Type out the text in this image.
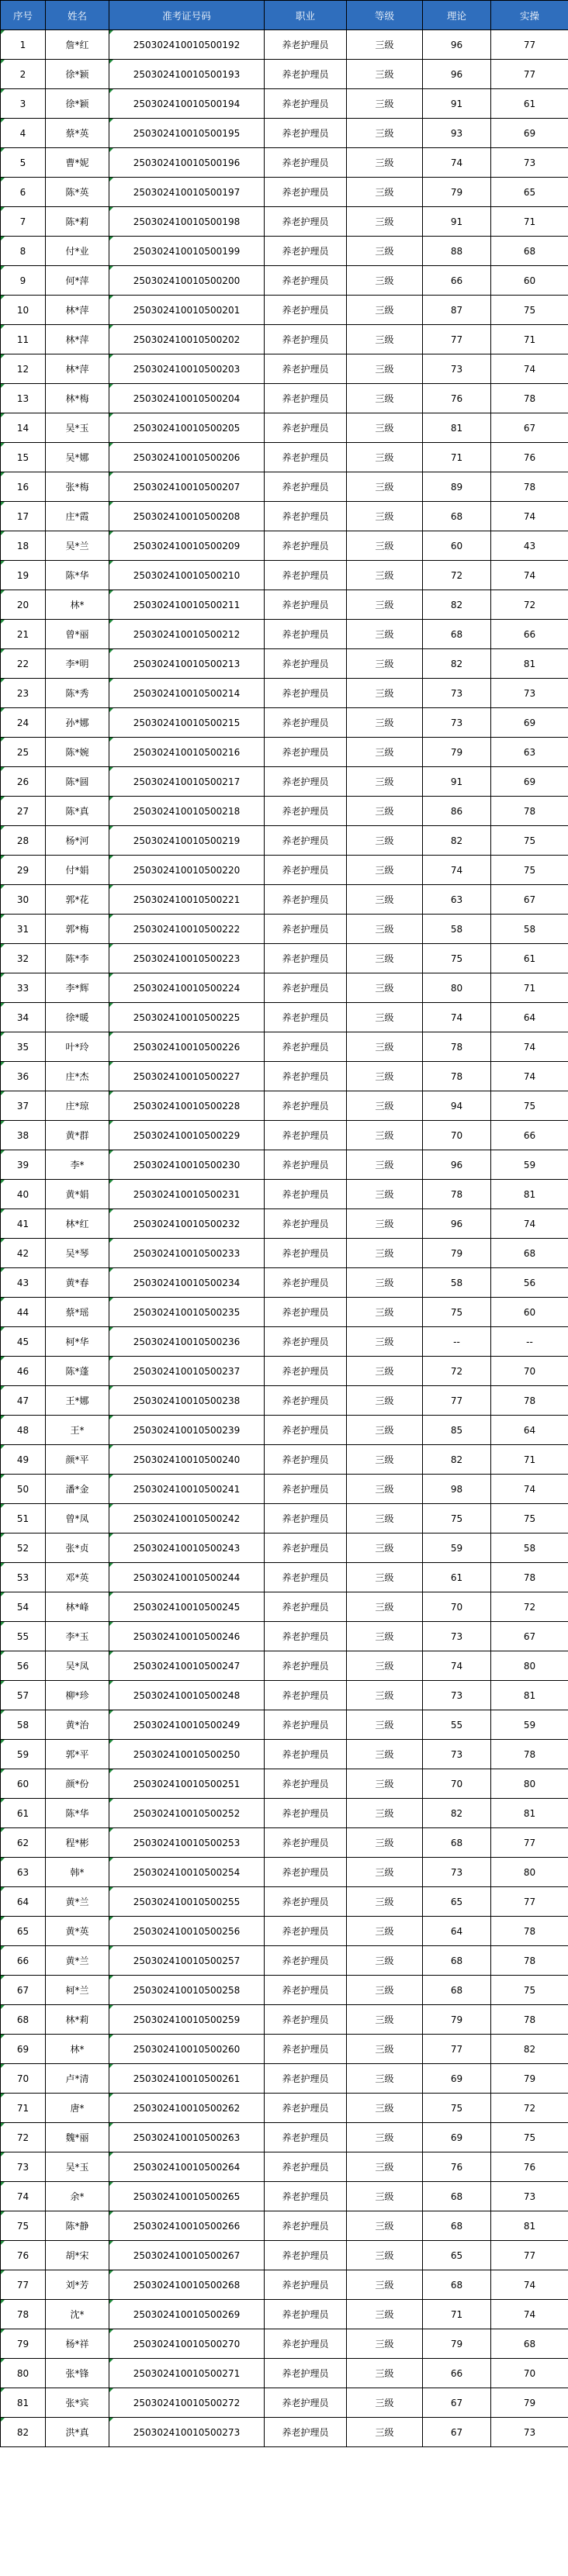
序号	姓名	准考证号码	职业	等级	理论	实操
1	詹*红	250302410010500192	养老护理员	三级	96	77
2	徐*颖	250302410010500193	养老护理员	三级	96	77
3	徐*颖	250302410010500194	养老护理员	三级	91	61
4	蔡*英	250302410010500195	养老护理员	三级	93	69
5	曹*妮	250302410010500196	养老护理员	三级	74	73
6	陈*英	250302410010500197	养老护理员	三级	79	65
7	陈*莉	250302410010500198	养老护理员	三级	91	71
8	付*业	250302410010500199	养老护理员	三级	88	68
9	何*萍	250302410010500200	养老护理员	三级	66	60
10	林*萍	250302410010500201	养老护理员	三级	87	75
11	林*萍	250302410010500202	养老护理员	三级	77	71
12	林*萍	250302410010500203	养老护理员	三级	73	74
13	林*梅	250302410010500204	养老护理员	三级	76	78
14	吴*玉	250302410010500205	养老护理员	三级	81	67
15	吴*娜	250302410010500206	养老护理员	三级	71	76
16	张*梅	250302410010500207	养老护理员	三级	89	78
17	庄*霞	250302410010500208	养老护理员	三级	68	74
18	吴*兰	250302410010500209	养老护理员	三级	60	43
19	陈*华	250302410010500210	养老护理员	三级	72	74
20	林*	250302410010500211	养老护理员	三级	82	72
21	曾*丽	250302410010500212	养老护理员	三级	68	66
22	李*明	250302410010500213	养老护理员	三级	82	81
23	陈*秀	250302410010500214	养老护理员	三级	73	73
24	孙*娜	250302410010500215	养老护理员	三级	73	69
25	陈*婉	250302410010500216	养老护理员	三级	79	63
26	陈*圆	250302410010500217	养老护理员	三级	91	69
27	陈*真	250302410010500218	养老护理员	三级	86	78
28	杨*河	250302410010500219	养老护理员	三级	82	75
29	付*娟	250302410010500220	养老护理员	三级	74	75
30	郭*花	250302410010500221	养老护理员	三级	63	67
31	郭*梅	250302410010500222	养老护理员	三级	58	58
32	陈*李	250302410010500223	养老护理员	三级	75	61
33	李*辉	250302410010500224	养老护理员	三级	80	71
34	徐*暖	250302410010500225	养老护理员	三级	74	64
35	叶*玲	250302410010500226	养老护理员	三级	78	74
36	庄*杰	250302410010500227	养老护理员	三级	78	74
37	庄*琼	250302410010500228	养老护理员	三级	94	75
38	黄*群	250302410010500229	养老护理员	三级	70	66
39	李*	250302410010500230	养老护理员	三级	96	59
40	黄*娟	250302410010500231	养老护理员	三级	78	81
41	林*红	250302410010500232	养老护理员	三级	96	74
42	吴*琴	250302410010500233	养老护理员	三级	79	68
43	黄*春	250302410010500234	养老护理员	三级	58	56
44	蔡*瑶	250302410010500235	养老护理员	三级	75	60
45	柯*华	250302410010500236	养老护理员	三级	--	--
46	陈*蓬	250302410010500237	养老护理员	三级	72	70
47	王*娜	250302410010500238	养老护理员	三级	77	78
48	王*	250302410010500239	养老护理员	三级	85	64
49	颜*平	250302410010500240	养老护理员	三级	82	71
50	潘*金	250302410010500241	养老护理员	三级	98	74
51	曾*凤	250302410010500242	养老护理员	三级	75	75
52	张*贞	250302410010500243	养老护理员	三级	59	58
53	邓*英	250302410010500244	养老护理员	三级	61	78
54	林*峰	250302410010500245	养老护理员	三级	70	72
55	李*玉	250302410010500246	养老护理员	三级	73	67
56	吴*凤	250302410010500247	养老护理员	三级	74	80
57	柳*珍	250302410010500248	养老护理员	三级	73	81
58	黄*治	250302410010500249	养老护理员	三级	55	59
59	郭*平	250302410010500250	养老护理员	三级	73	78
60	颜*份	250302410010500251	养老护理员	三级	70	80
61	陈*华	250302410010500252	养老护理员	三级	82	81
62	程*彬	250302410010500253	养老护理员	三级	68	77
63	韩*	250302410010500254	养老护理员	三级	73	80
64	黄*兰	250302410010500255	养老护理员	三级	65	77
65	黄*英	250302410010500256	养老护理员	三级	64	78
66	黄*兰	250302410010500257	养老护理员	三级	68	78
67	柯*兰	250302410010500258	养老护理员	三级	68	75
68	林*莉	250302410010500259	养老护理员	三级	79	78
69	林*	250302410010500260	养老护理员	三级	77	82
70	卢*清	250302410010500261	养老护理员	三级	69	79
71	唐*	250302410010500262	养老护理员	三级	75	72
72	魏*丽	250302410010500263	养老护理员	三级	69	75
73	吴*玉	250302410010500264	养老护理员	三级	76	76
74	余*	250302410010500265	养老护理员	三级	68	73
75	陈*静	250302410010500266	养老护理员	三级	68	81
76	胡*宋	250302410010500267	养老护理员	三级	65	77
77	刘*芳	250302410010500268	养老护理员	三级	68	74
78	沈*	250302410010500269	养老护理员	三级	71	74
79	杨*祥	250302410010500270	养老护理员	三级	79	68
80	张*锋	250302410010500271	养老护理员	三级	66	70
81	张*宾	250302410010500272	养老护理员	三级	67	79
82	洪*真	250302410010500273	养老护理员	三级	67	73
